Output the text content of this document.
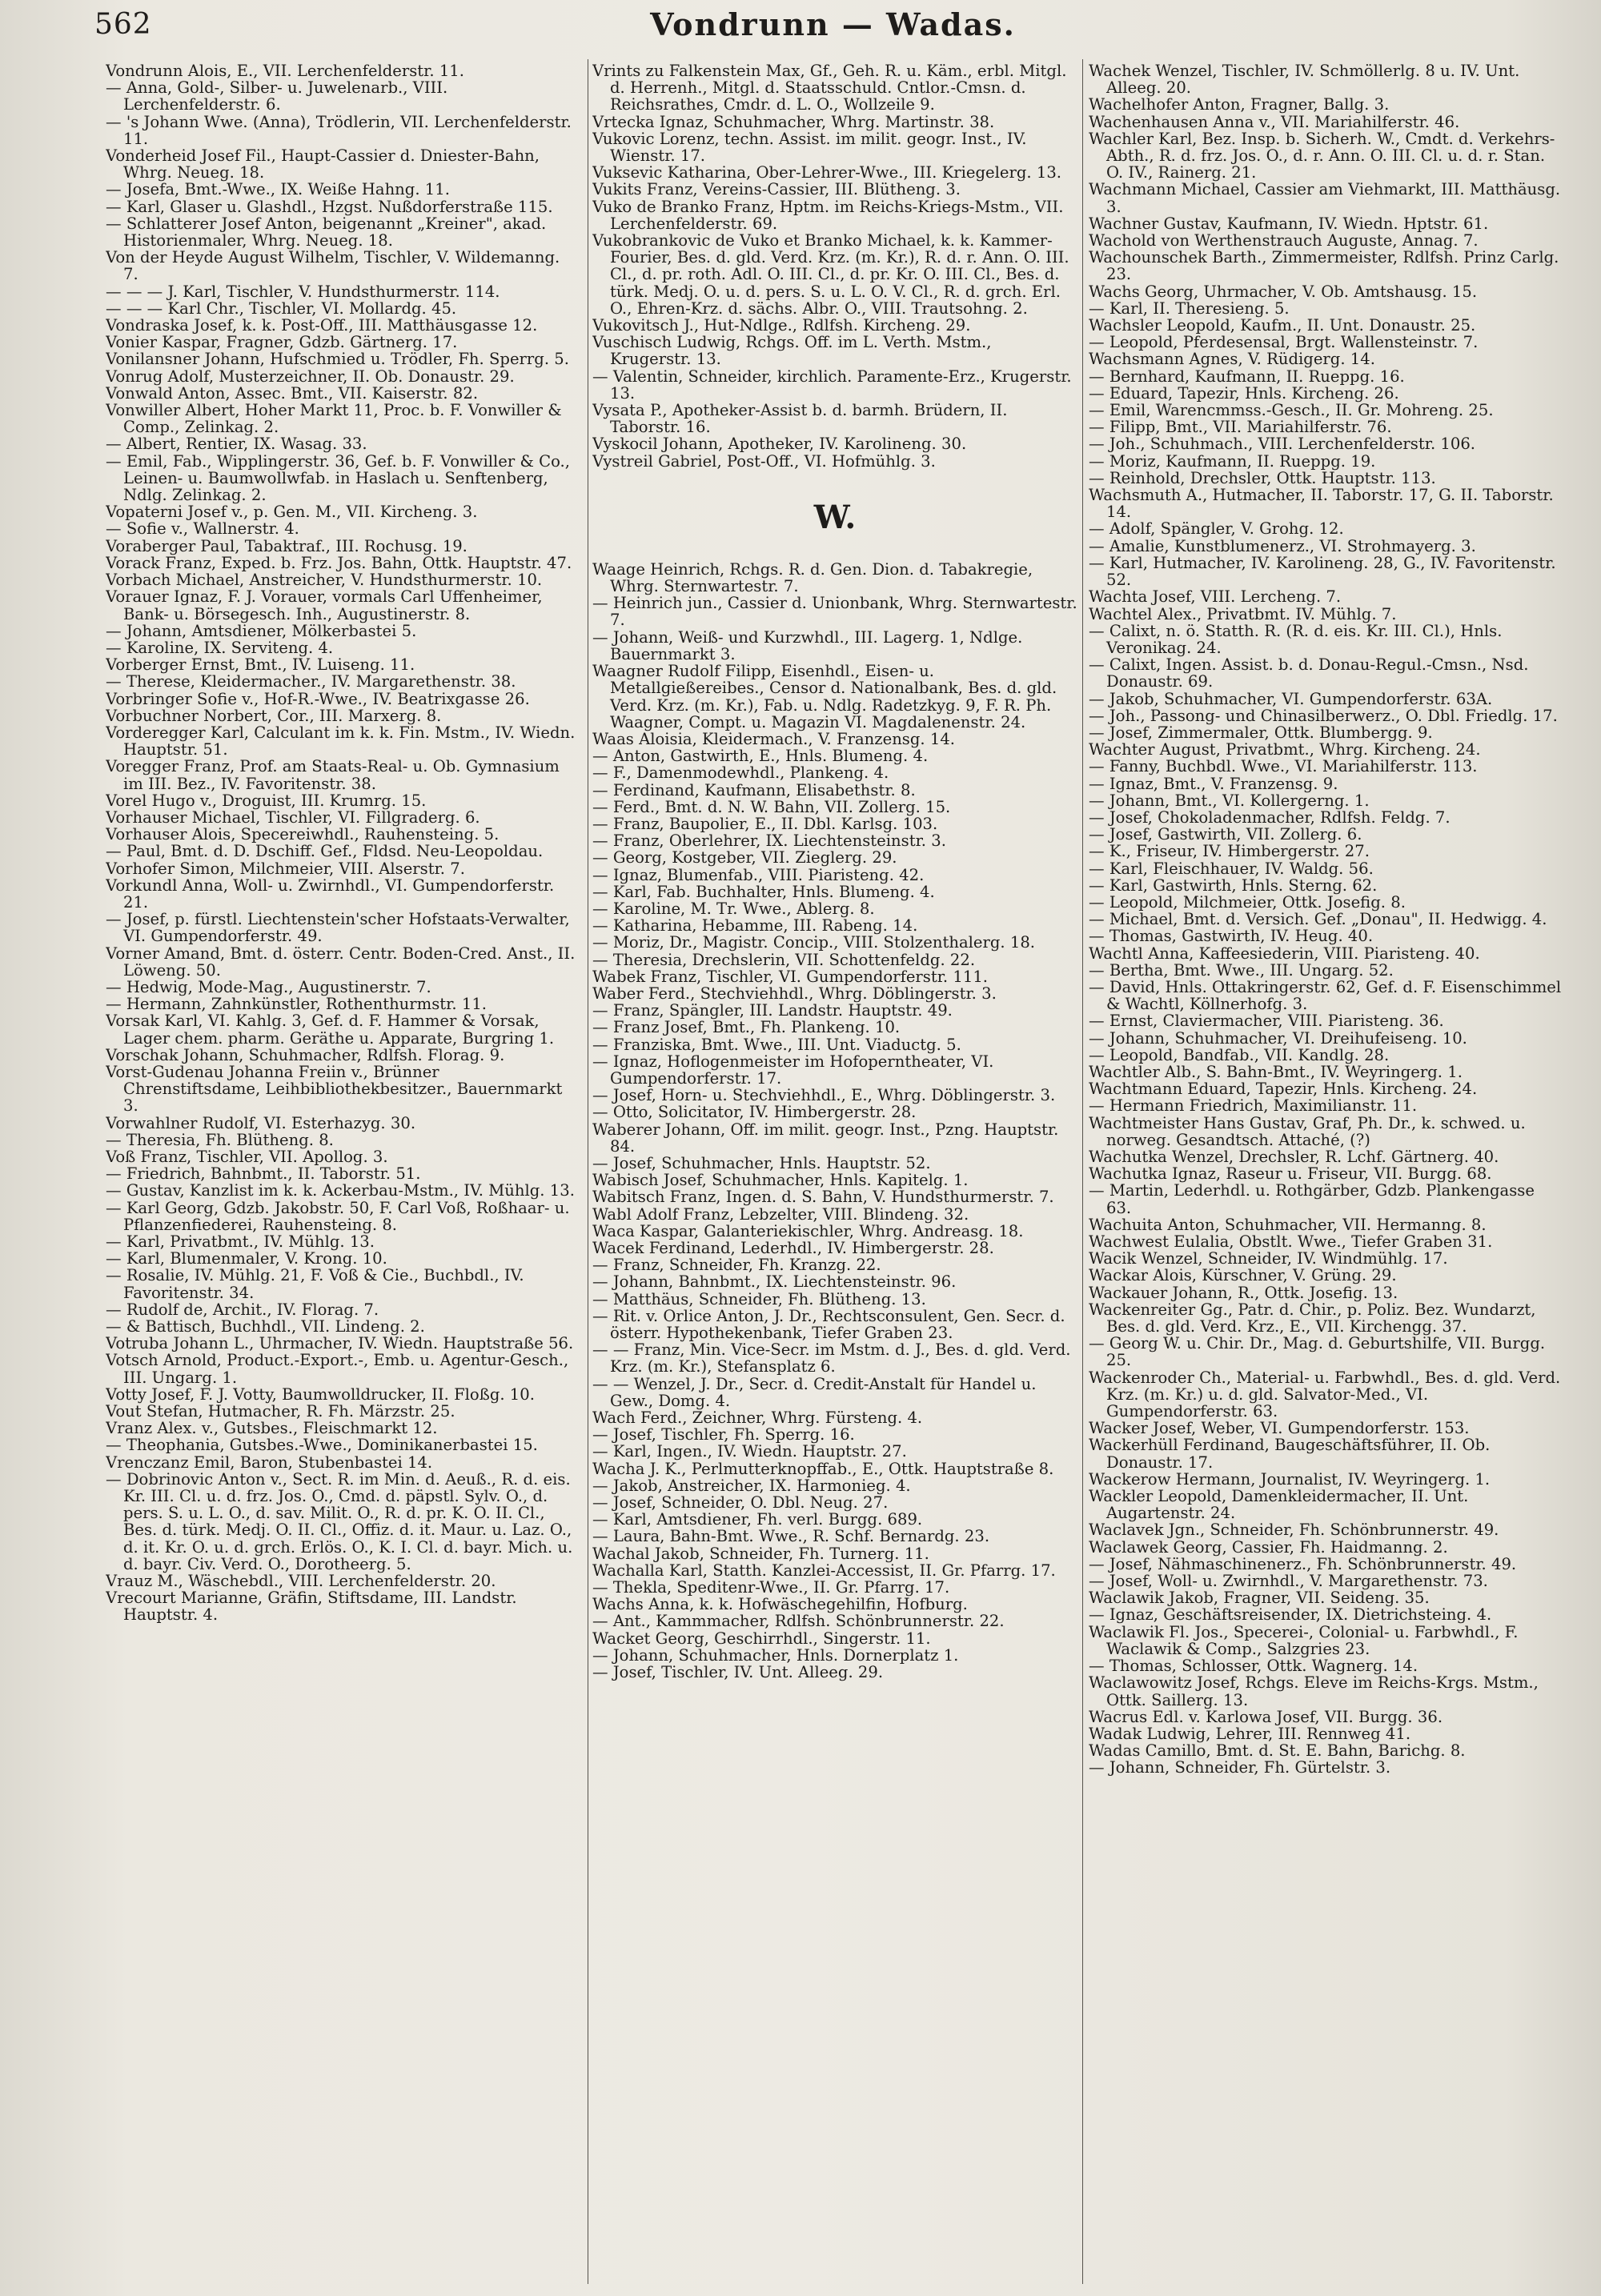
562	Vondrunn — Wadas.

Vondrunn Alois, E., VII. Lerchenfelderstr. 11.

— Anna, Gold-, Silber- u. Juwelenarb., VIII. Lerchenfelderstr. 6.

— 's Johann Wwe. (Anna), Trödlerin, VII. Lerchenfelderstr. 11.

Vonderheid Josef Fil., Haupt-Cassier d. Dniester-Bahn, Whrg. Neueg. 18.

— Josefa, Bmt.-Wwe., IX. Weiße Hahng. 11.

— Karl, Glaser u. Glashdl., Hzgst. Nußdorferstraße 115.

— Schlatterer Josef Anton, beigenannt „Kreiner", akad. Historienmaler, Whrg. Neueg. 18.

Von der Heyde August Wilhelm, Tischler, V. Wildemanng. 7.

— — — J. Karl, Tischler, V. Hundsthurmerstr. 114.

— — — Karl Chr., Tischler, VI. Mollardg. 45.

Vondraska Josef, k. k. Post-Off., III. Matthäusgasse 12.

Vonier Kaspar, Fragner, Gdzb. Gärtnerg. 17.

Vonilansner Johann, Hufschmied u. Trödler, Fh. Sperrg. 5.

Vonrug Adolf, Musterzeichner, II. Ob. Donaustr. 29.

Vonwald Anton, Assec. Bmt., VII. Kaiserstr. 82.

Vonwiller Albert, Hoher Markt 11, Proc. b. F. Vonwiller & Comp., Zelinkag. 2.

— Albert, Rentier, IX. Wasag. 33.

— Emil, Fab., Wipplingerstr. 36, Gef. b. F. Vonwiller & Co., Leinen- u. Baumwollwfab. in Haslach u. Senftenberg, Ndlg. Zelinkag. 2.

Vopaterni Josef v., p. Gen. M., VII. Kircheng. 3.

— Sofie v., Wallnerstr. 4.

Voraberger Paul, Tabaktraf., III. Rochusg. 19.

Vorack Franz, Exped. b. Frz. Jos. Bahn, Ottk. Hauptstr. 47.

Vorbach Michael, Anstreicher, V. Hundsthurmerstr. 10.

Vorauer Ignaz, F. J. Vorauer, vormals Carl Uffenheimer, Bank- u. Börsegesch. Inh., Augustinerstr. 8.

— Johann, Amtsdiener, Mölkerbastei 5.

— Karoline, IX. Serviteng. 4.

Vorberger Ernst, Bmt., IV. Luiseng. 11.

— Therese, Kleidermacher., IV. Margarethenstr. 38.

Vorbringer Sofie v., Hof-R.-Wwe., IV. Beatrixgasse 26.

Vorbuchner Norbert, Cor., III. Marxerg. 8.

Vorderegger Karl, Calculant im k. k. Fin. Mstm., IV. Wiedn. Hauptstr. 51.

Voregger Franz, Prof. am Staats-Real- u. Ob. Gymnasium im III. Bez., IV. Favoritenstr. 38.

Vorel Hugo v., Droguist, III. Krumrg. 15.

Vorhauser Michael, Tischler, VI. Fillgraderg. 6.

Vorhauser Alois, Specereiwhdl., Rauhensteing. 5.

— Paul, Bmt. d. D. Dschiff. Gef., Fldsd. Neu-Leopoldau.

Vorhofer Simon, Milchmeier, VIII. Alserstr. 7.

Vorkundl Anna, Woll- u. Zwirnhdl., VI. Gumpendorferstr. 21.

— Josef, p. fürstl. Liechtenstein'scher Hofstaats-Verwalter, VI. Gumpendorferstr. 49.

Vorner Amand, Bmt. d. österr. Centr. Boden-Cred. Anst., II. Löweng. 50.

— Hedwig, Mode-Mag., Augustinerstr. 7.

— Hermann, Zahnkünstler, Rothenthurmstr. 11.

Vorsak Karl, VI. Kahlg. 3, Gef. d. F. Hammer & Vorsak, Lager chem. pharm. Geräthe u. Apparate, Burgring 1.

Vorschak Johann, Schuhmacher, Rdlfsh. Florag. 9.

Vorst-Gudenau Johanna Freiin v., Brünner Chrenstiftsdame, Leihbibliothekbesitzer., Bauernmarkt 3.

Vorwahlner Rudolf, VI. Esterhazyg. 30.

— Theresia, Fh. Blütheng. 8.

Voß Franz, Tischler, VII. Apollog. 3.

— Friedrich, Bahnbmt., II. Taborstr. 51.

— Gustav, Kanzlist im k. k. Ackerbau-Mstm., IV. Mühlg. 13.

— Karl Georg, Gdzb. Jakobstr. 50, F. Carl Voß, Roßhaar- u. Pflanzenfiederei, Rauhensteing. 8.

— Karl, Privatbmt., IV. Mühlg. 13.

— Karl, Blumenmaler, V. Krong. 10.

— Rosalie, IV. Mühlg. 21, F. Voß & Cie., Buchbdl., IV. Favoritenstr. 34.

— Rudolf de, Archit., IV. Florag. 7.

— & Battisch, Buchhdl., VII. Lindeng. 2.

Votruba Johann L., Uhrmacher, IV. Wiedn. Hauptstraße 56.

Votsch Arnold, Product.-Export.-, Emb. u. Agentur-Gesch., III. Ungarg. 1.

Votty Josef, F. J. Votty, Baumwolldrucker, II. Floßg. 10.

Vout Stefan, Hutmacher, R. Fh. Märzstr. 25.

Vranz Alex. v., Gutsbes., Fleischmarkt 12.

— Theophania, Gutsbes.-Wwe., Dominikanerbastei 15.

Vrenczanz Emil, Baron, Stubenbastei 14.

— Dobrinovic Anton v., Sect. R. im Min. d. Aeuß., R. d. eis. Kr. III. Cl. u. d. frz. Jos. O., Cmd. d. päpstl. Sylv. O., d. pers. S. u. L. O., d. sav. Milit. O., R. d. pr. K. O. II. Cl., Bes. d. türk. Medj. O. II. Cl., Offiz. d. it. Maur. u. Laz. O., d. it. Kr. O. u. d. grch. Erlös. O., K. I. Cl. d. bayr. Mich. u. d. bayr. Civ. Verd. O., Dorotheerg. 5.

Vrauz M., Wäschebdl., VIII. Lerchenfelderstr. 20.

Vrecourt Marianne, Gräfin, Stiftsdame, III. Landstr. Hauptstr. 4.

Vrints zu Falkenstein Max, Gf., Geh. R. u. Käm., erbl. Mitgl. d. Herrenh., Mitgl. d. Staatsschuld. Cntlor.-Cmsn. d. Reichsrathes, Cmdr. d. L. O., Wollzeile 9.

Vrtecka Ignaz, Schuhmacher, Whrg. Martinstr. 38.

Vukovic Lorenz, techn. Assist. im milit. geogr. Inst., IV. Wienstr. 17.

Vuksevic Katharina, Ober-Lehrer-Wwe., III. Kriegelerg. 13.

Vukits Franz, Vereins-Cassier, III. Blütheng. 3.

Vuko de Branko Franz, Hptm. im Reichs-Kriegs-Mstm., VII. Lerchenfelderstr. 69.

Vukobrankovic de Vuko et Branko Michael, k. k. Kammer-Fourier, Bes. d. gld. Verd. Krz. (m. Kr.), R. d. r. Ann. O. III. Cl., d. pr. roth. Adl. O. III. Cl., d. pr. Kr. O. III. Cl., Bes. d. türk. Medj. O. u. d. pers. S. u. L. O. V. Cl., R. d. grch. Erl. O., Ehren-Krz. d. sächs. Albr. O., VIII. Trautsohng. 2.

Vukovitsch J., Hut-Ndlge., Rdlfsh. Kircheng. 29.

Vuschisch Ludwig, Rchgs. Off. im L. Verth. Mstm., Krugerstr. 13.

— Valentin, Schneider, kirchlich. Paramente-Erz., Krugerstr. 13.

Vysata P., Apotheker-Assist b. d. barmh. Brüdern, II. Taborstr. 16.

Vyskocil Johann, Apotheker, IV. Karolineng. 30.

Vystreil Gabriel, Post-Off., VI. Hofmühlg. 3.

W.

Waage Heinrich, Rchgs. R. d. Gen. Dion. d. Tabakregie, Whrg. Sternwartestr. 7.

— Heinrich jun., Cassier d. Unionbank, Whrg. Sternwartestr. 7.

— Johann, Weiß- und Kurzwhdl., III. Lagerg. 1, Ndlge. Bauernmarkt 3.

Waagner Rudolf Filipp, Eisenhdl., Eisen- u. Metallgießereibes., Censor d. Nationalbank, Bes. d. gld. Verd. Krz. (m. Kr.), Fab. u. Ndlg. Radetzkyg. 9, F. R. Ph. Waagner, Compt. u. Magazin VI. Magdalenenstr. 24.

Waas Aloisia, Kleidermach., V. Franzensg. 14.

— Anton, Gastwirth, E., Hnls. Blumeng. 4.

— F., Damenmodewhdl., Plankeng. 4.

— Ferdinand, Kaufmann, Elisabethstr. 8.

— Ferd., Bmt. d. N. W. Bahn, VII. Zollerg. 15.

— Franz, Baupolier, E., II. Dbl. Karlsg. 103.

— Franz, Oberlehrer, IX. Liechtensteinstr. 3.

— Georg, Kostgeber, VII. Zieglerg. 29.

— Ignaz, Blumenfab., VIII. Piaristeng. 42.

— Karl, Fab. Buchhalter, Hnls. Blumeng. 4.

— Karoline, M. Tr. Wwe., Ablerg. 8.

— Katharina, Hebamme, III. Rabeng. 14.

— Moriz, Dr., Magistr. Concip., VIII. Stolzenthalerg. 18.

— Theresia, Drechslerin, VII. Schottenfeldg. 22.

Wabek Franz, Tischler, VI. Gumpendorferstr. 111.

Waber Ferd., Stechviehhdl., Whrg. Döblingerstr. 3.

— Franz, Spängler, III. Landstr. Hauptstr. 49.

— Franz Josef, Bmt., Fh. Plankeng. 10.

— Franziska, Bmt. Wwe., III. Unt. Viaductg. 5.

— Ignaz, Hoflogenmeister im Hofoperntheater, VI. Gumpendorferstr. 17.

— Josef, Horn- u. Stechviehhdl., E., Whrg. Döblingerstr. 3.

— Otto, Solicitator, IV. Himbergerstr. 28.

Waberer Johann, Off. im milit. geogr. Inst., Pzng. Hauptstr. 84.

— Josef, Schuhmacher, Hnls. Hauptstr. 52.

Wabisch Josef, Schuhmacher, Hnls. Kapitelg. 1.

Wabitsch Franz, Ingen. d. S. Bahn, V. Hundsthurmerstr. 7.

Wabl Adolf Franz, Lebzelter, VIII. Blindeng. 32.

Waca Kaspar, Galanteriekischler, Whrg. Andreasg. 18.

Wacek Ferdinand, Lederhdl., IV. Himbergerstr. 28.

— Franz, Schneider, Fh. Kranzg. 22.

— Johann, Bahnbmt., IX. Liechtensteinstr. 96.

— Matthäus, Schneider, Fh. Blütheng. 13.

— Rit. v. Orlice Anton, J. Dr., Rechtsconsulent, Gen. Secr. d. österr. Hypothekenbank, Tiefer Graben 23.

— — Franz, Min. Vice-Secr. im Mstm. d. J., Bes. d. gld. Verd. Krz. (m. Kr.), Stefansplatz 6.

— — Wenzel, J. Dr., Secr. d. Credit-Anstalt für Handel u. Gew., Domg. 4.

Wach Ferd., Zeichner, Whrg. Fürsteng. 4.

— Josef, Tischler, Fh. Sperrg. 16.

— Karl, Ingen., IV. Wiedn. Hauptstr. 27.

Wacha J. K., Perlmutterknopffab., E., Ottk. Hauptstraße 8.

— Jakob, Anstreicher, IX. Harmonieg. 4.

— Josef, Schneider, O. Dbl. Neug. 27.

— Karl, Amtsdiener, Fh. verl. Burgg. 689.

— Laura, Bahn-Bmt. Wwe., R. Schf. Bernardg. 23.

Wachal Jakob, Schneider, Fh. Turnerg. 11.

Wachalla Karl, Statth. Kanzlei-Accessist, II. Gr. Pfarrg. 17.

— Thekla, Speditenr-Wwe., II. Gr. Pfarrg. 17.

Wachs Anna, k. k. Hofwäschegehilfin, Hofburg.

— Ant., Kammmacher, Rdlfsh. Schönbrunnerstr. 22.

Wacket Georg, Geschirrhdl., Singerstr. 11.

— Johann, Schuhmacher, Hnls. Dornerplatz 1.

— Josef, Tischler, IV. Unt. Alleeg. 29.

Wachek Wenzel, Tischler, IV. Schmöllerlg. 8 u. IV. Unt. Alleeg. 20.

Wachelhofer Anton, Fragner, Ballg. 3.

Wachenhausen Anna v., VII. Mariahilferstr. 46.

Wachler Karl, Bez. Insp. b. Sicherh. W., Cmdt. d. Verkehrs-Abth., R. d. frz. Jos. O., d. r. Ann. O. III. Cl. u. d. r. Stan. O. IV., Rainerg. 21.

Wachmann Michael, Cassier am Viehmarkt, III. Matthäusg. 3.

Wachner Gustav, Kaufmann, IV. Wiedn. Hptstr. 61.

Wachold von Werthenstrauch Auguste, Annag. 7.

Wachounschek Barth., Zimmermeister, Rdlfsh. Prinz Carlg. 23.

Wachs Georg, Uhrmacher, V. Ob. Amtshausg. 15.

— Karl, II. Theresieng. 5.

Wachsler Leopold, Kaufm., II. Unt. Donaustr. 25.

— Leopold, Pferdesensal, Brgt. Wallensteinstr. 7.

Wachsmann Agnes, V. Rüdigerg. 14.

— Bernhard, Kaufmann, II. Rueppg. 16.

— Eduard, Tapezir, Hnls. Kircheng. 26.

— Emil, Warencmmss.-Gesch., II. Gr. Mohreng. 25.

— Filipp, Bmt., VII. Mariahilferstr. 76.

— Joh., Schuhmach., VIII. Lerchenfelderstr. 106.

— Moriz, Kaufmann, II. Rueppg. 19.

— Reinhold, Drechsler, Ottk. Hauptstr. 113.

Wachsmuth A., Hutmacher, II. Taborstr. 17, G. II. Taborstr. 14.

— Adolf, Spängler, V. Grohg. 12.

— Amalie, Kunstblumenerz., VI. Strohmayerg. 3.

— Karl, Hutmacher, IV. Karolineng. 28, G., IV. Favoritenstr. 52.

Wachta Josef, VIII. Lercheng. 7.

Wachtel Alex., Privatbmt. IV. Mühlg. 7.

— Calixt, n. ö. Statth. R. (R. d. eis. Kr. III. Cl.), Hnls. Veronikag. 24.

— Calixt, Ingen. Assist. b. d. Donau-Regul.-Cmsn., Nsd. Donaustr. 69.

— Jakob, Schuhmacher, VI. Gumpendorferstr. 63A.

— Joh., Passong- und Chinasilberwerz., O. Dbl. Friedlg. 17.

— Josef, Zimmermaler, Ottk. Blumbergg. 9.

Wachter August, Privatbmt., Whrg. Kircheng. 24.

— Fanny, Buchbdl. Wwe., VI. Mariahilferstr. 113.

— Ignaz, Bmt., V. Franzensg. 9.

— Johann, Bmt., VI. Kollergerng. 1.

— Josef, Chokoladenmacher, Rdlfsh. Feldg. 7.

— Josef, Gastwirth, VII. Zollerg. 6.

— K., Friseur, IV. Himbergerstr. 27.

— Karl, Fleischhauer, IV. Waldg. 56.

— Karl, Gastwirth, Hnls. Sterng. 62.

— Leopold, Milchmeier, Ottk. Josefig. 8.

— Michael, Bmt. d. Versich. Gef. „Donau", II. Hedwigg. 4.

— Thomas, Gastwirth, IV. Heug. 40.

Wachtl Anna, Kaffeesiederin, VIII. Piaristeng. 40.

— Bertha, Bmt. Wwe., III. Ungarg. 52.

— David, Hnls. Ottakringerstr. 62, Gef. d. F. Eisenschimmel & Wachtl, Köllnerhofg. 3.

— Ernst, Claviermacher, VIII. Piaristeng. 36.

— Johann, Schuhmacher, VI. Dreihufeiseng. 10.

— Leopold, Bandfab., VII. Kandlg. 28.

Wachtler Alb., S. Bahn-Bmt., IV. Weyringerg. 1.

Wachtmann Eduard, Tapezir, Hnls. Kircheng. 24.

— Hermann Friedrich, Maximilianstr. 11.

Wachtmeister Hans Gustav, Graf, Ph. Dr., k. schwed. u. norweg. Gesandtsch. Attaché, (?)

Wachutka Wenzel, Drechsler, R. Lchf. Gärtnerg. 40.

Wachutka Ignaz, Raseur u. Friseur, VII. Burgg. 68.

— Martin, Lederhdl. u. Rothgärber, Gdzb. Plankengasse 63.

Wachuita Anton, Schuhmacher, VII. Hermanng. 8.

Wachwest Eulalia, Obstlt. Wwe., Tiefer Graben 31.

Wacik Wenzel, Schneider, IV. Windmühlg. 17.

Wackar Alois, Kürschner, V. Grüng. 29.

Wackauer Johann, R., Ottk. Josefig. 13.

Wackenreiter Gg., Patr. d. Chir., p. Poliz. Bez. Wundarzt, Bes. d. gld. Verd. Krz., E., VII. Kirchengg. 37.

— Georg W. u. Chir. Dr., Mag. d. Geburtshilfe, VII. Burgg. 25.

Wackenroder Ch., Material- u. Farbwhdl., Bes. d. gld. Verd. Krz. (m. Kr.) u. d. gld. Salvator-Med., VI. Gumpendorferstr. 63.

Wacker Josef, Weber, VI. Gumpendorferstr. 153.

Wackerhüll Ferdinand, Baugeschäftsführer, II. Ob. Donaustr. 17.

Wackerow Hermann, Journalist, IV. Weyringerg. 1.

Wackler Leopold, Damenkleidermacher, II. Unt. Augartenstr. 24.

Waclavek Jgn., Schneider, Fh. Schönbrunnerstr. 49.

Waclawek Georg, Cassier, Fh. Haidmanng. 2.

— Josef, Nähmaschinenerz., Fh. Schönbrunnerstr. 49.

— Josef, Woll- u. Zwirnhdl., V. Margarethenstr. 73.

Waclawik Jakob, Fragner, VII. Seideng. 35.

— Ignaz, Geschäftsreisender, IX. Dietrichsteing. 4.

Waclawik Fl. Jos., Specerei-, Colonial- u. Farbwhdl., F. Waclawik & Comp., Salzgries 23.

— Thomas, Schlosser, Ottk. Wagnerg. 14.

Waclawowitz Josef, Rchgs. Eleve im Reichs-Krgs. Mstm., Ottk. Saillerg. 13.

Wacrus Edl. v. Karlowa Josef, VII. Burgg. 36.

Wadak Ludwig, Lehrer, III. Rennweg 41.

Wadas Camillo, Bmt. d. St. E. Bahn, Barichg. 8.

— Johann, Schneider, Fh. Gürtelstr. 3.
